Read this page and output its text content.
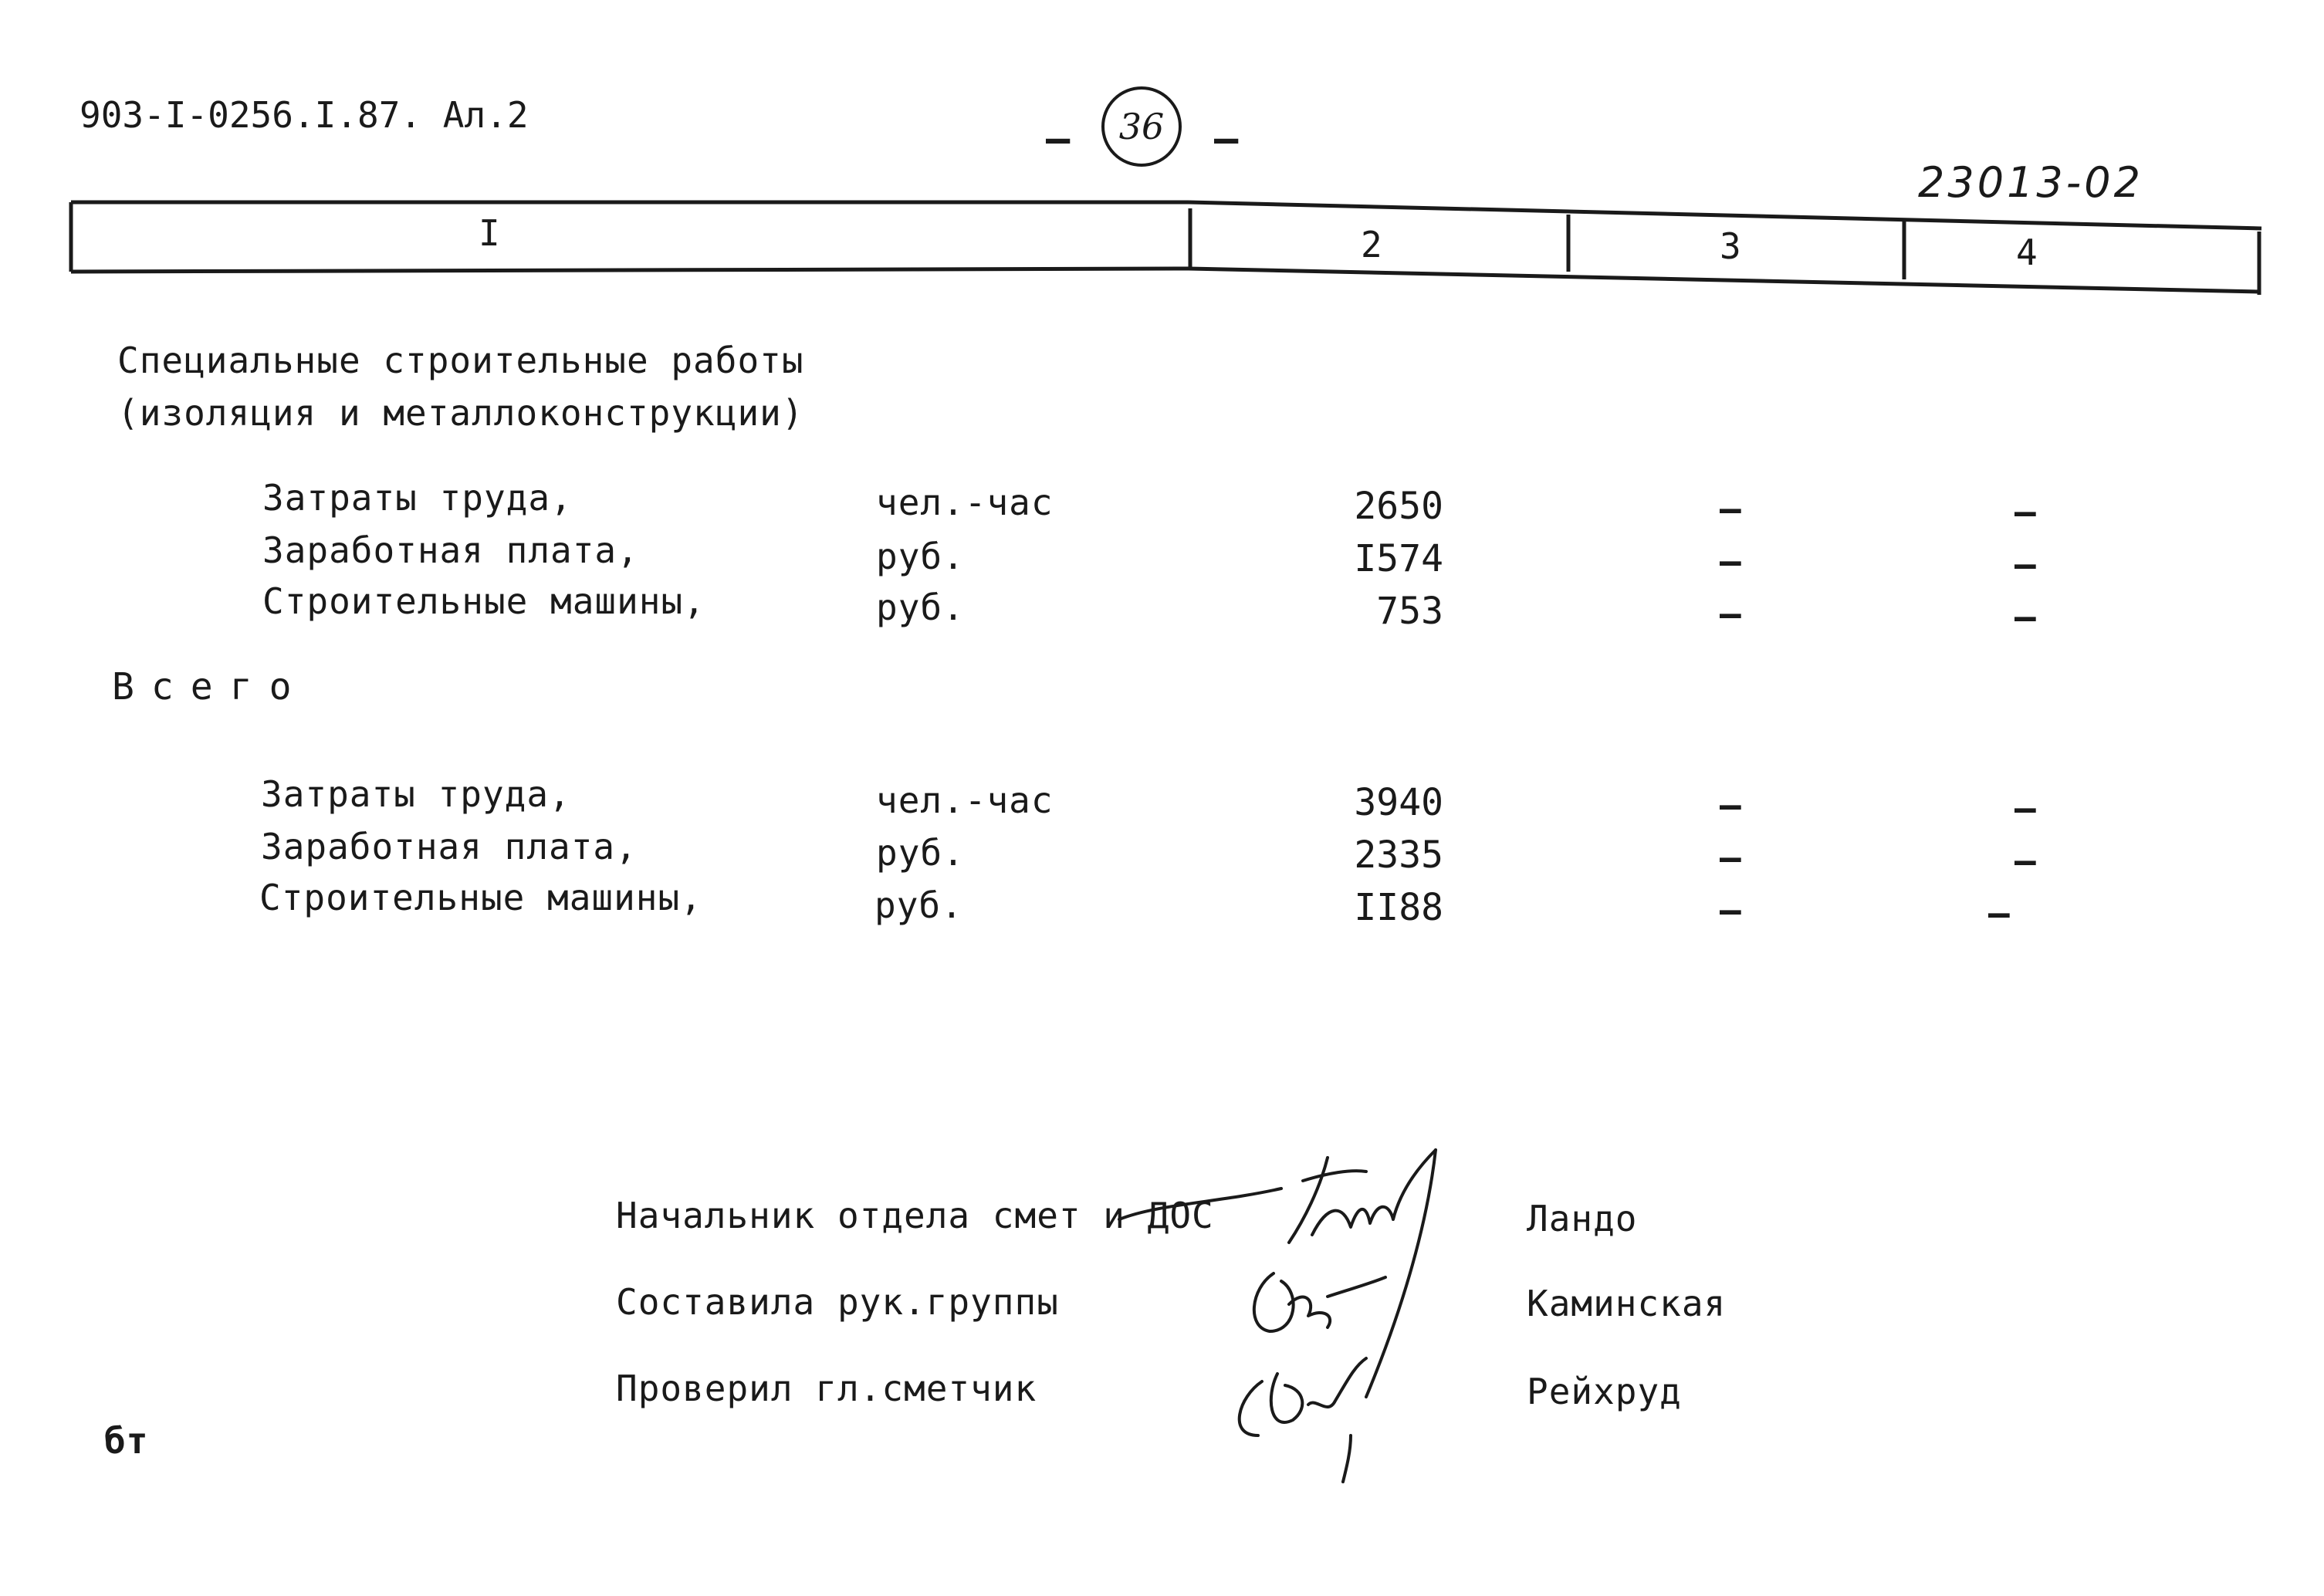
903-I-0256.I.87. Ал.2
– 36 –
23013-02
I	2	3	4
Специальные строительные работы
(изоляция и металлоконструкции)
Затраты труда,	чел.-час	2650	–	–
Заработная плата,	руб.	I574	–	–
Строительные машины,	руб.	753	–	–
Всего
Затраты труда,	чел.-час	3940	–	–
Заработная плата,	руб.	2335	–	–
Строительные машины,	руб.	II88	–	–
Начальник отдела смет и ДОС	Ландо
Составила рук.группы	Каминская
Проверил гл.сметчик	Рейхруд
бт
